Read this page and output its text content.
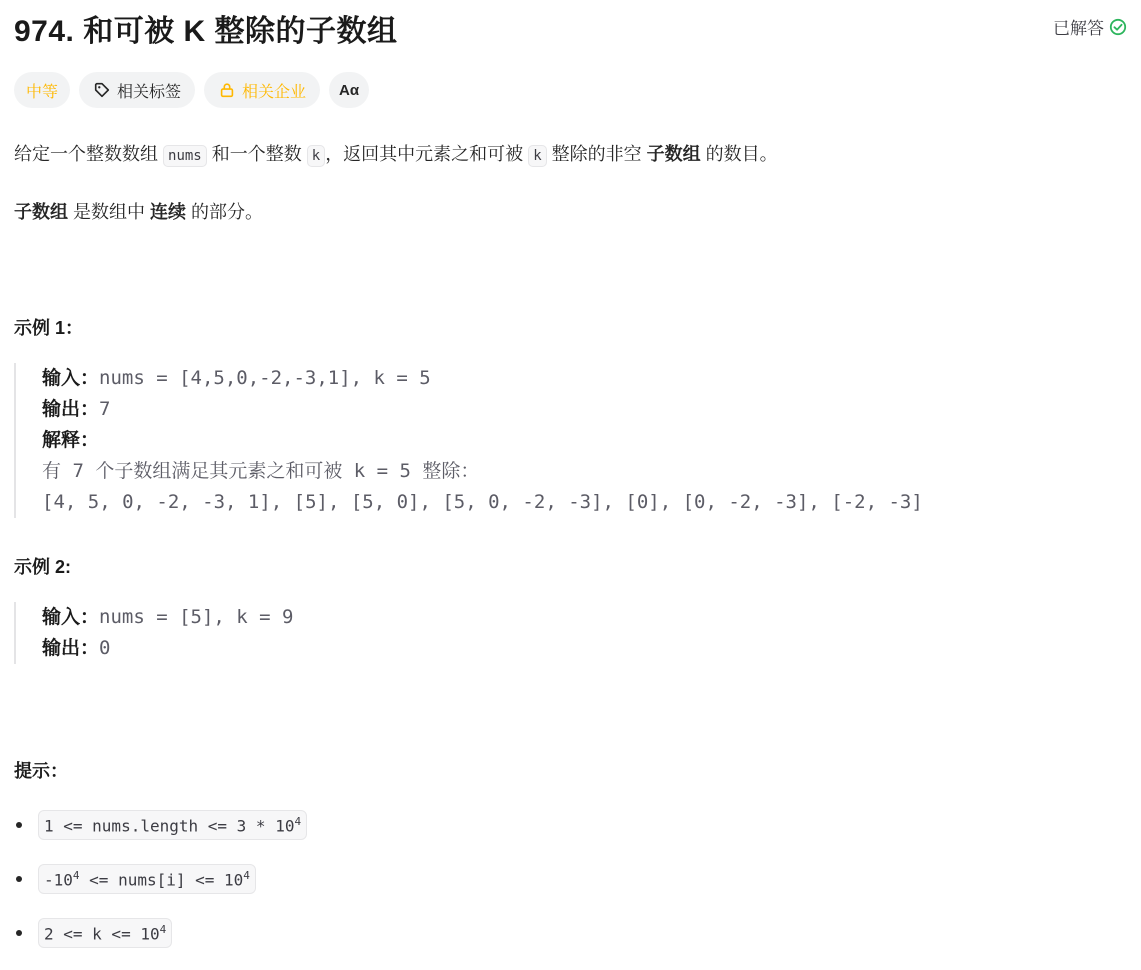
974. 和可被 K 整除的子数组	已解答
中等	相关标签	相关企业 Aα
给定一个整数数组 nums 和一个整数 k ，返回其中元素之和可被 k 整除的非空 子数组 的数目。
子数组 是数组中 连续 的部分。
示例 1：
输入：nums = [4,5,0,-2,-3,1], k = 5
输出：7
解释：
有 7 个子数组满足其元素之和可被 k = 5 整除：
[4, 5, 0, -2, -3, 1], [5], [5, 0], [5, 0, -2, -3], [0], [0, -2, -3], [-2, -3]
示例 2:
输入：nums = [5], k = 9
输出：0
提示：
1 <= nums.length <= $3 * 10^4$
$-10^4$ <= nums[i] <= $10^4$
$2 <= k <= 10^4$
